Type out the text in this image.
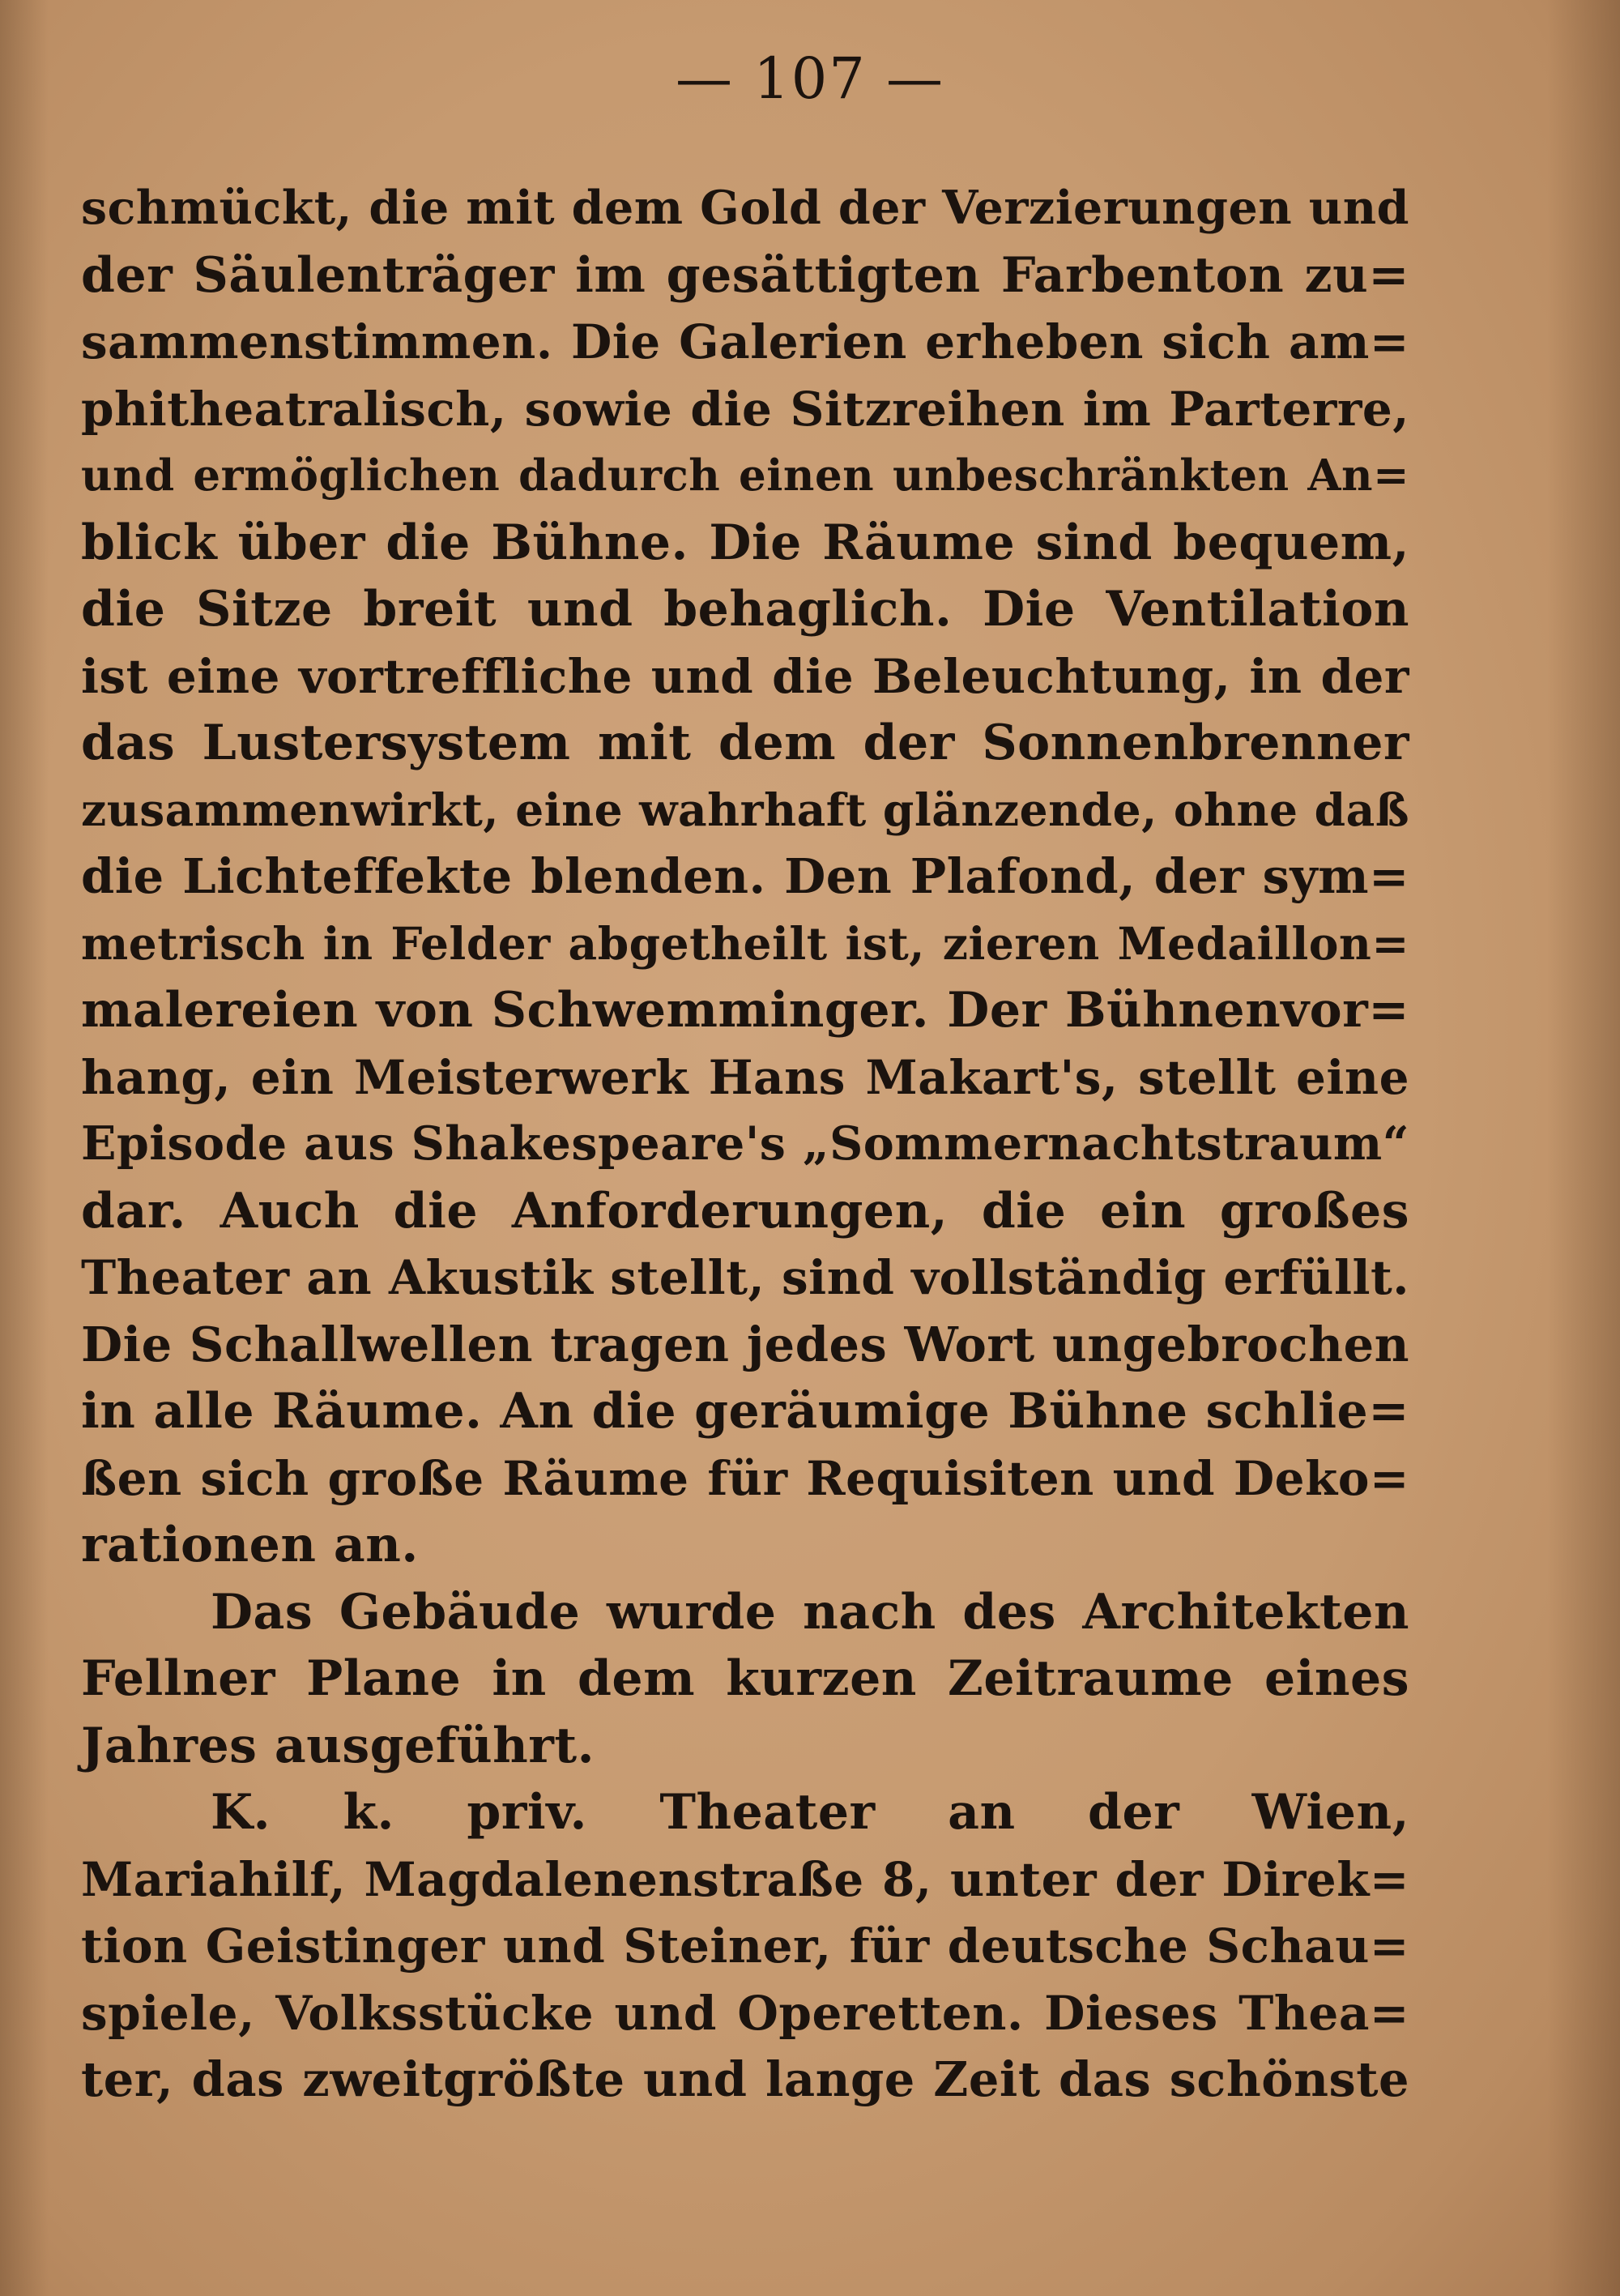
— 107 —
schmückt, die mit dem Gold der Verzierungen und
der Säulenträger im gesättigten Farbenton zu=
sammenstimmen. Die Galerien erheben sich am=
phitheatralisch, sowie die Sitzreihen im Parterre,
und ermöglichen dadurch einen unbeschränkten An=
blick über die Bühne. Die Räume sind bequem,
die Sitze breit und behaglich. Die Ventilation
ist eine vortreffliche und die Beleuchtung, in der
das Lustersystem mit dem der Sonnenbrenner
zusammenwirkt, eine wahrhaft glänzende, ohne daß
die Lichteffekte blenden. Den Plafond, der sym=
metrisch in Felder abgetheilt ist, zieren Medaillon=
malereien von Schwemminger. Der Bühnenvor=
hang, ein Meisterwerk Hans Makart's, stellt eine
Episode aus Shakespeare's „Sommernachtstraum“
dar. Auch die Anforderungen, die ein großes
Theater an Akustik stellt, sind vollständig erfüllt.
Die Schallwellen tragen jedes Wort ungebrochen
in alle Räume. An die geräumige Bühne schlie=
ßen sich große Räume für Requisiten und Deko=
rationen an.
Das Gebäude wurde nach des Architekten
Fellner Plane in dem kurzen Zeitraume eines
Jahres ausgeführt.
K. k. priv. Theater an der Wien,
Mariahilf, Magdalenenstraße 8, unter der Direk=
tion Geistinger und Steiner, für deutsche Schau=
spiele, Volksstücke und Operetten. Dieses Thea=
ter, das zweitgrößte und lange Zeit das schönste
